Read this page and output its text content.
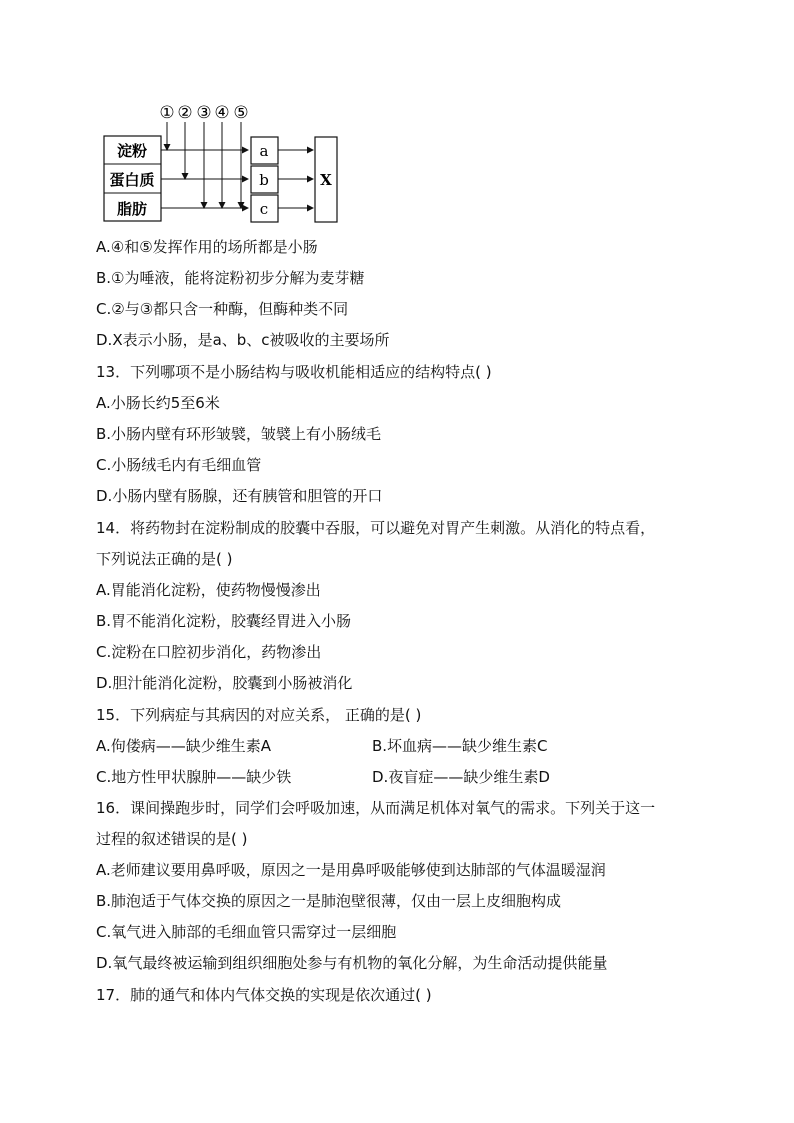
① ② ③ ④ ⑤
淀粉
蛋白质
脂肪
a
b
c
X
A.④和⑤发挥作用的场所都是小肠
B.①为唾液，能将淀粉初步分解为麦芽糖
C.②与③都只含一种酶，但酶种类不同
D.X表示小肠，是a、b、c被吸收的主要场所
13．下列哪项不是小肠结构与吸收机能相适应的结构特点( )
A.小肠长约5至6米
B.小肠内壁有环形皱襞，皱襞上有小肠绒毛
C.小肠绒毛内有毛细血管
D.小肠内壁有肠腺，还有胰管和胆管的开口
14．将药物封在淀粉制成的胶囊中吞服，可以避免对胃产生刺激。从消化的特点看，
下列说法正确的是( )
A.胃能消化淀粉，使药物慢慢渗出
B.胃不能消化淀粉，胶囊经胃进入小肠
C.淀粉在口腔初步消化，药物渗出
D.胆汁能消化淀粉，胶囊到小肠被消化
15．下列病症与其病因的对应关系， 正确的是( )
A.佝偻病——缺少维生素A	B.坏血病——缺少维生素C
C.地方性甲状腺肿——缺少铁	D.夜盲症——缺少维生素D
16．课间操跑步时，同学们会呼吸加速，从而满足机体对氧气的需求。下列关于这一
过程的叙述错误的是( )
A.老师建议要用鼻呼吸，原因之一是用鼻呼吸能够使到达肺部的气体温暖湿润
B.肺泡适于气体交换的原因之一是肺泡壁很薄，仅由一层上皮细胞构成
C.氧气进入肺部的毛细血管只需穿过一层细胞
D.氧气最终被运输到组织细胞处参与有机物的氧化分解，为生命活动提供能量
17．肺的通气和体内气体交换的实现是依次通过( )
